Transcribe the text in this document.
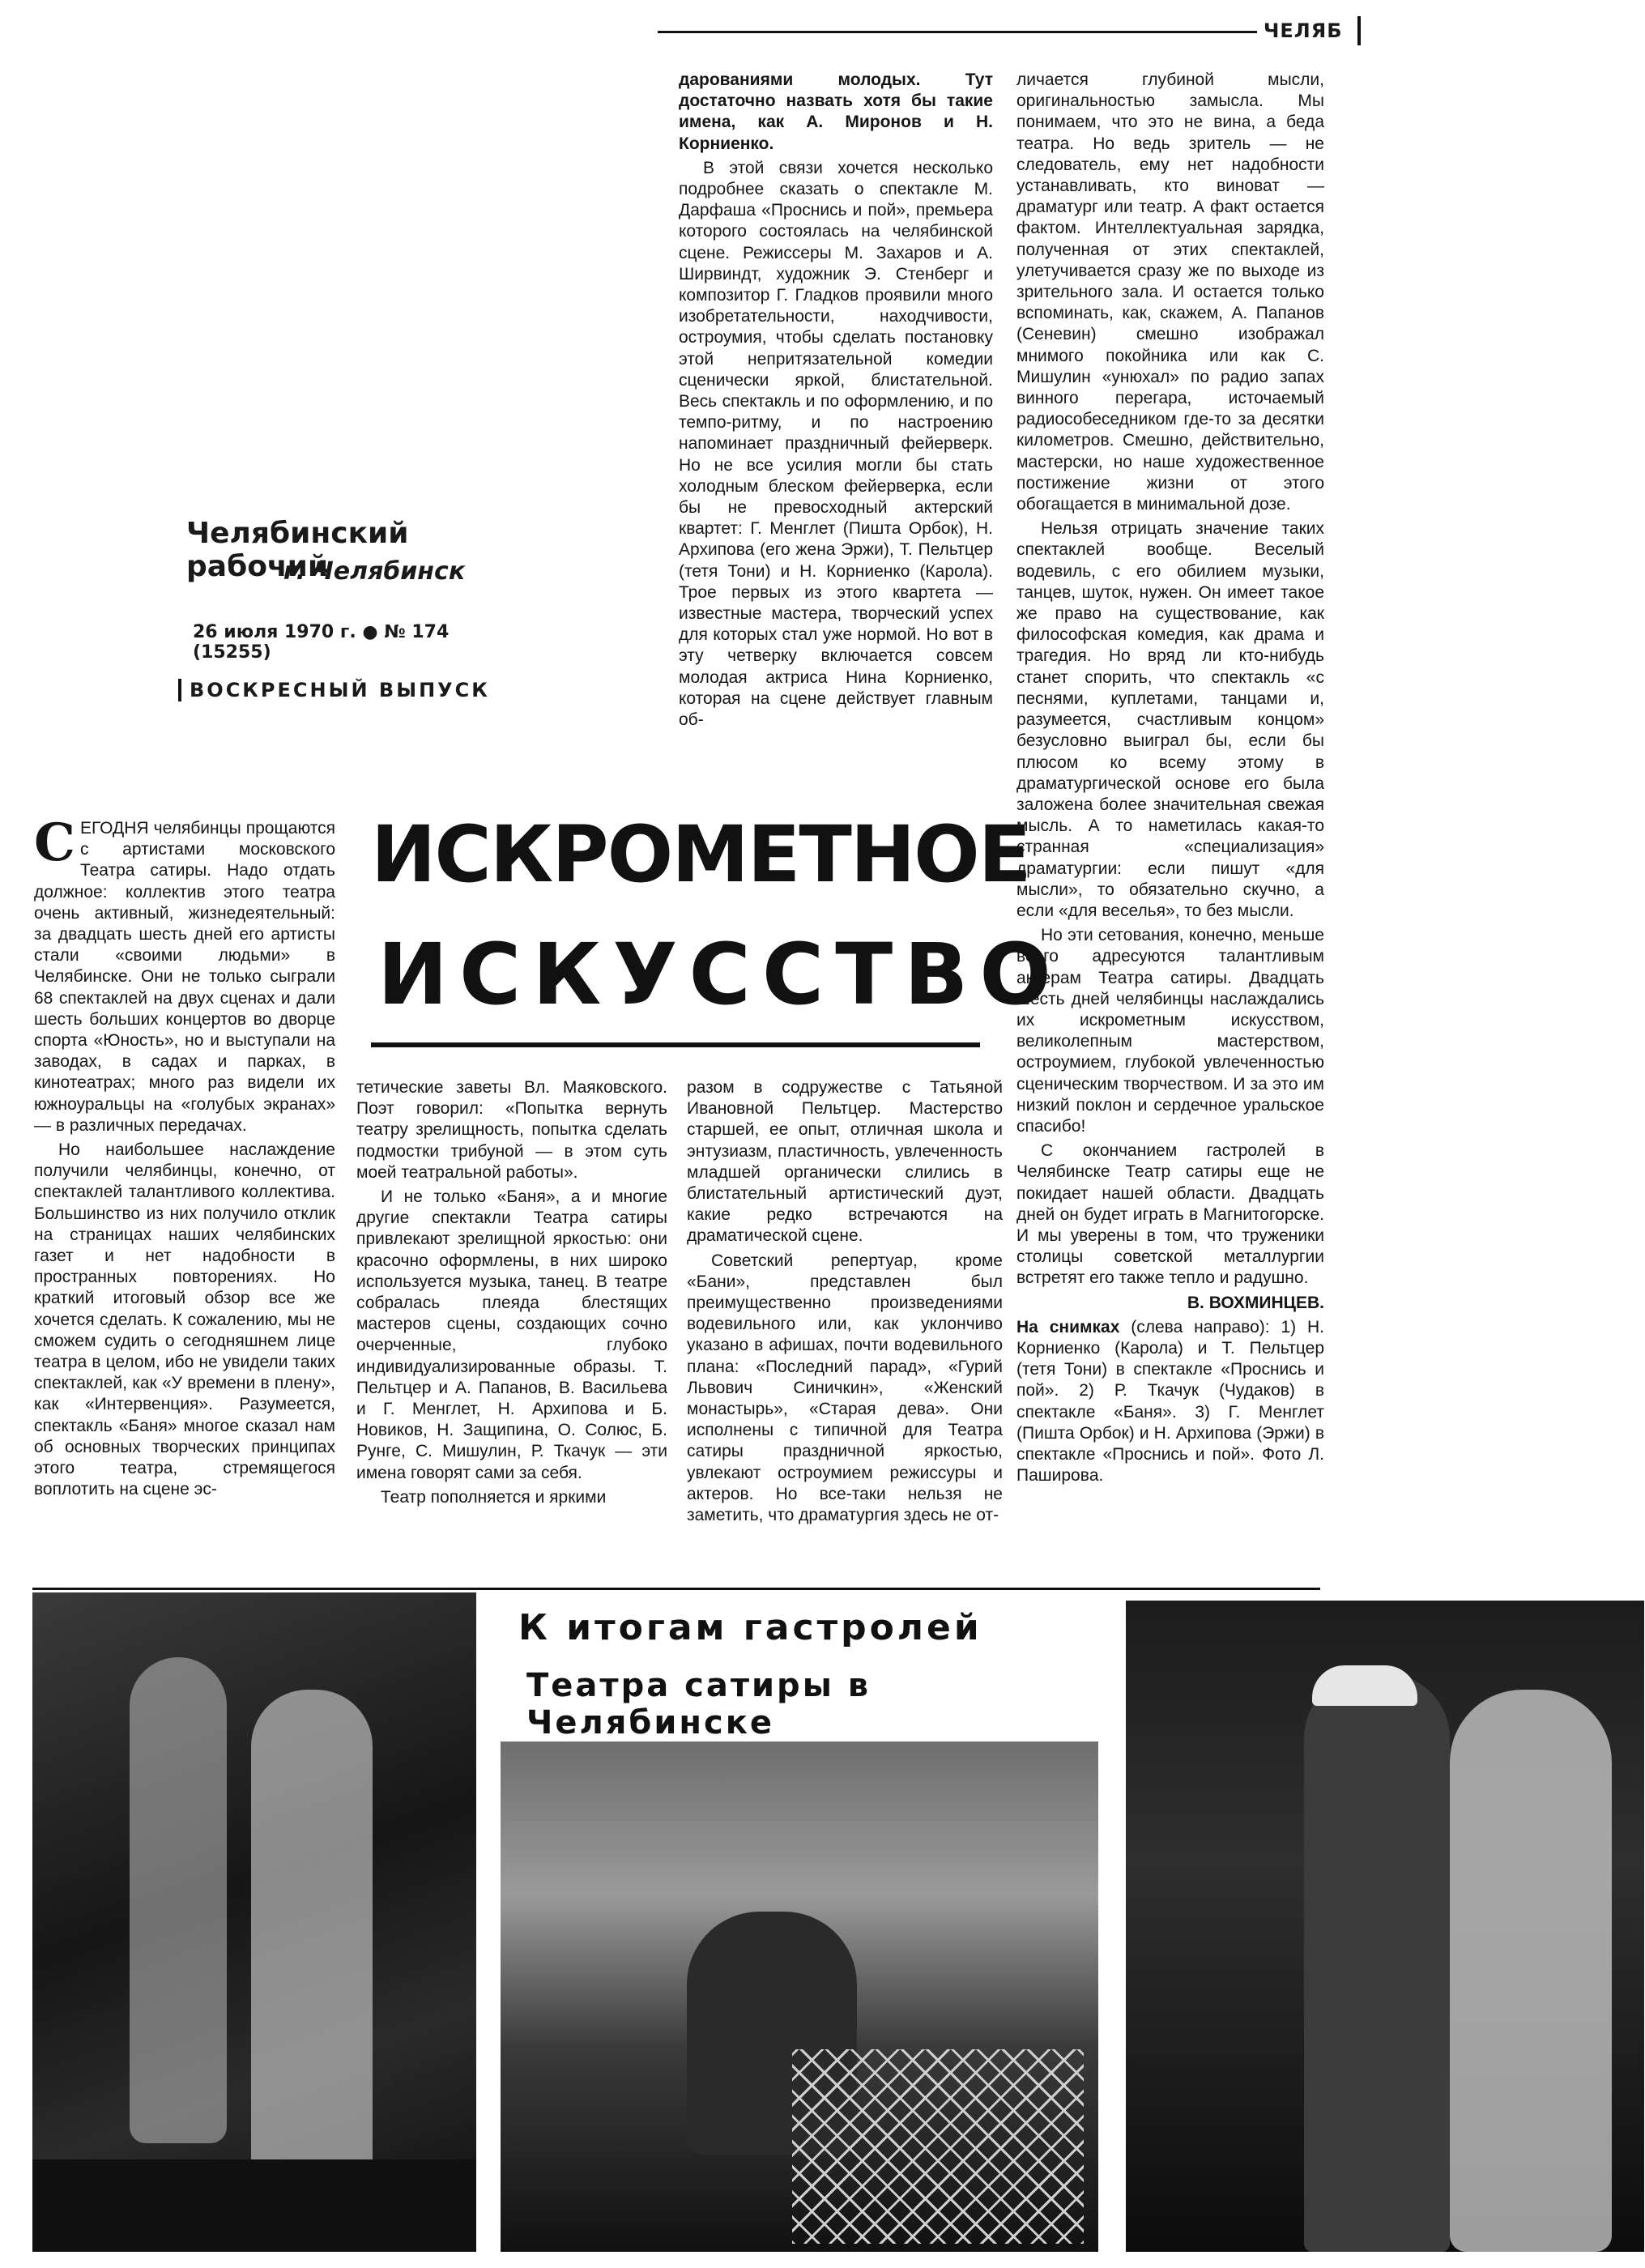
ЧЕЛЯБ
Челябинский рабочий
г. Челябинск
26 июля 1970 г. ● № 174 (15255)
ВОСКРЕСНЫЙ ВЫПУСК

дарованиями молодых. Тут достаточно назвать хотя бы такие имена, как А. Миронов и Н. Корниенко.

В этой связи хочется несколько подробнее сказать о спектакле М. Дарфаша «Проснись и пой», премьера которого состоялась на челябинской сцене. Режиссеры М. Захаров и А. Ширвиндт, художник Э. Стенберг и композитор Г. Гладков проявили много изобретательности, находчивости, остроумия, чтобы сделать постановку этой непритязательной комедии сценически яркой, блистательной. Весь спектакль и по оформлению, и по темпо-ритму, и по настроению напоминает праздничный фейерверк. Но не все усилия могли бы стать холодным блеском фейерверка, если бы не превосходный актерский квартет: Г. Менглет (Пишта Орбок), Н. Архипова (его жена Эржи), Т. Пельтцер (тетя Тони) и Н. Корниенко (Карола). Трое первых из этого квартета — известные мастера, творческий успех для которых стал уже нормой. Но вот в эту четверку включается совсем молодая актриса Нина Корниенко, которая на сцене действует главным об-

личается глубиной мысли, оригинальностью замысла. Мы понимаем, что это не вина, а беда театра. Но ведь зритель — не следователь, ему нет надобности устанавливать, кто виноват — драматург или театр. А факт остается фактом. Интеллектуальная зарядка, полученная от этих спектаклей, улетучивается сразу же по выходе из зрительного зала. И остается только вспоминать, как, скажем, А. Папанов (Сеневин) смешно изображал мнимого покойника или как С. Мишулин «унюхал» по радио запах винного перегара, источаемый радиособеседником где-то за десятки километров. Смешно, действительно, мастерски, но наше художественное постижение жизни от этого обогащается в минимальной дозе.

Нельзя отрицать значение таких спектаклей вообще. Веселый водевиль, с его обилием музыки, танцев, шуток, нужен. Он имеет такое же право на существование, как философская комедия, как драма и трагедия. Но вряд ли кто-нибудь станет спорить, что спектакль «с песнями, куплетами, танцами и, разумеется, счастливым концом» безусловно выиграл бы, если бы плюсом ко всему этому в драматургической основе его была заложена более значительная свежая мысль. А то наметилась какая-то странная «специализация» драматургии: если пишут «для мысли», то обязательно скучно, а если «для веселья», то без мысли.

Но эти сетования, конечно, меньше всего адресуются талантливым актерам Театра сатиры. Двадцать шесть дней челябинцы наслаждались их искрометным искусством, великолепным мастерством, остроумием, глубокой увлеченностью сценическим творчеством. И за это им низкий поклон и сердечное уральское спасибо!

С окончанием гастролей в Челябинске Театр сатиры еще не покидает нашей области. Двадцать дней он будет играть в Магнитогорске. И мы уверены в том, что труженики столицы советской металлургии встретят его также тепло и радушно.

В. ВОХМИНЦЕВ.

На снимках (слева направо): 1) Н. Корниенко (Карола) и Т. Пельтцер (тетя Тони) в спектакле «Проснись и пой». 2) Р. Ткачук (Чудаков) в спектакле «Баня». 3) Г. Менглет (Пишта Орбок) и Н. Архипова (Эржи) в спектакле «Проснись и пой». Фото Л. Пашировa.

ИСКРОМЕТНОЕ
ИСКУССТВО

СЕГОДНЯ челябинцы прощаются с артистами московского Театра сатиры. Надо отдать должное: коллектив этого театра очень активный, жизнедеятельный: за двадцать шесть дней его артисты стали «своими людьми» в Челябинске. Они не только сыграли 68 спектаклей на двух сценах и дали шесть больших концертов во дворце спорта «Юность», но и выступали на заводах, в садах и парках, в кинотеатрах; много раз видели их южноуральцы на «голубых экранах» — в различных передачах.

Но наибольшее наслаждение получили челябинцы, конечно, от спектаклей талантливого коллектива. Большинство из них получило отклик на страницах наших челябинских газет и нет надобности в пространных повторениях. Но краткий итоговый обзор все же хочется сделать. К сожалению, мы не сможем судить о сегодняшнем лице театра в целом, ибо не увидели таких спектаклей, как «У времени в плену», как «Интервенция». Разумеется, спектакль «Баня» многое сказал нам об основных творческих принципах этого театра, стремящегося воплотить на сцене эс-

тетические заветы Вл. Маяковского. Поэт говорил: «Попытка вернуть театру зрелищность, попытка сделать подмостки трибуной — в этом суть моей театральной работы».

И не только «Баня», а и многие другие спектакли Театра сатиры привлекают зрелищной яркостью: они красочно оформлены, в них широко используется музыка, танец. В театре собралась плеяда блестящих мастеров сцены, создающих сочно очерченные, глубоко индивидуализированные образы. Т. Пельтцер и А. Папанов, В. Васильева и Г. Менглет, Н. Архипова и Б. Новиков, Н. Защипина, О. Солюс, Б. Рунге, С. Мишулин, Р. Ткачук — эти имена говорят сами за себя.

Театр пополняется и яркими

разом в содружестве с Татьяной Ивановной Пельтцер. Мастерство старшей, ее опыт, отличная школа и энтузиазм, пластичность, увлеченность младшей органически слились в блистательный артистический дуэт, какие редко встречаются на драматической сцене.

Советский репертуар, кроме «Бани», представлен был преимущественно произведениями водевильного или, как уклончиво указано в афишах, почти водевильного плана: «Последний парад», «Гурий Львович Синичкин», «Женский монастырь», «Старая дева». Они исполнены с типичной для Театра сатиры праздничной яркостью, увлекают остроумием режиссуры и актеров. Но все-таки нельзя не заметить, что драматургия здесь не от-

К итогам гастролей
Театра сатиры в Челябинске
